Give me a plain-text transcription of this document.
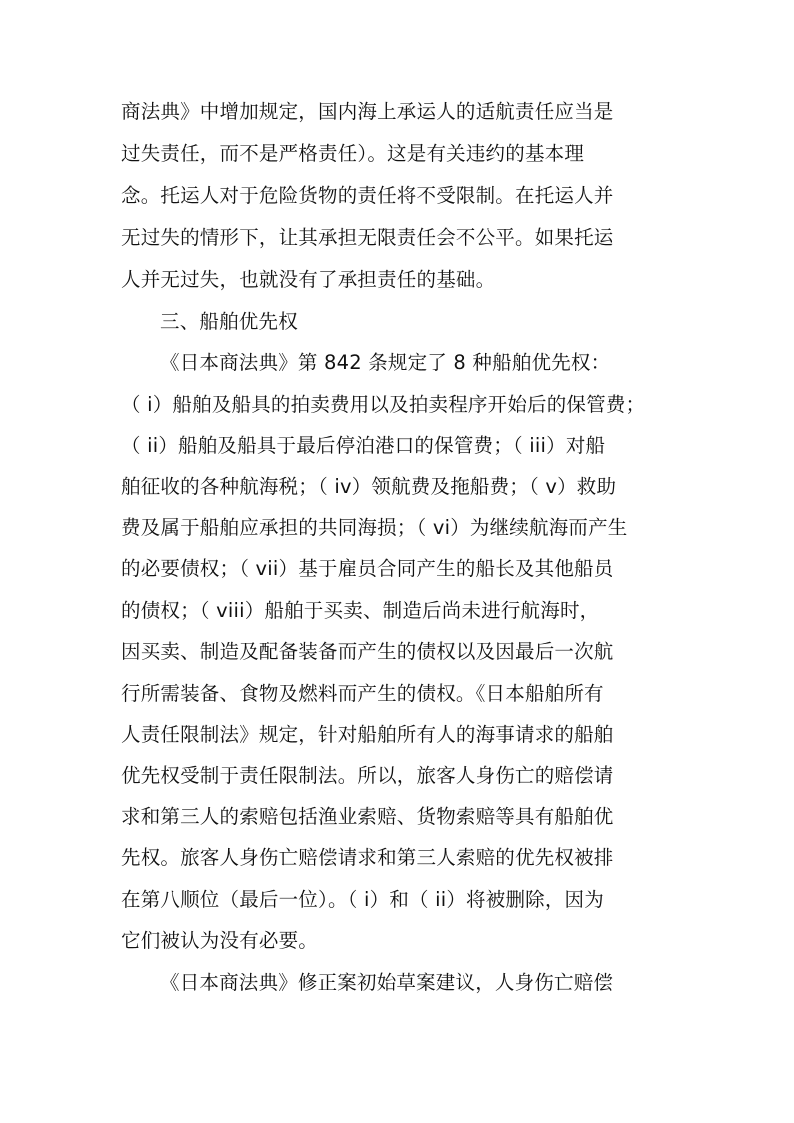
商法典》中增加规定，国内海上承运人的适航责任应当是
过失责任，而不是严格责任）。这是有关违约的基本理
念。托运人对于危险货物的责任将不受限制。在托运人并
无过失的情形下，让其承担无限责任会不公平。如果托运
人并无过失，也就没有了承担责任的基础。
三、船舶优先权
《日本商法典》第 842 条规定了 8 种船舶优先权：
（ i）船舶及船具的拍卖费用以及拍卖程序开始后的保管费；
（ ii）船舶及船具于最后停泊港口的保管费；（ iii）对船
舶征收的各种航海税；（ iv）领航费及拖船费；（ v）救助
费及属于船舶应承担的共同海损；（ vi）为继续航海而产生
的必要债权；（ vii）基于雇员合同产生的船长及其他船员
的债权；（ viii）船舶于买卖、制造后尚未进行航海时，
因买卖、制造及配备装备而产生的债权以及因最后一次航
行所需装备、食物及燃料而产生的债权。《日本船舶所有
人责任限制法》规定，针对船舶所有人的海事请求的船舶
优先权受制于责任限制法。所以，旅客人身伤亡的赔偿请
求和第三人的索赔包括渔业索赔、货物索赔等具有船舶优
先权。旅客人身伤亡赔偿请求和第三人索赔的优先权被排
在第八顺位（最后一位）。（ i）和（ ii）将被删除，因为
它们被认为没有必要。
《日本商法典》修正案初始草案建议，人身伤亡赔偿
